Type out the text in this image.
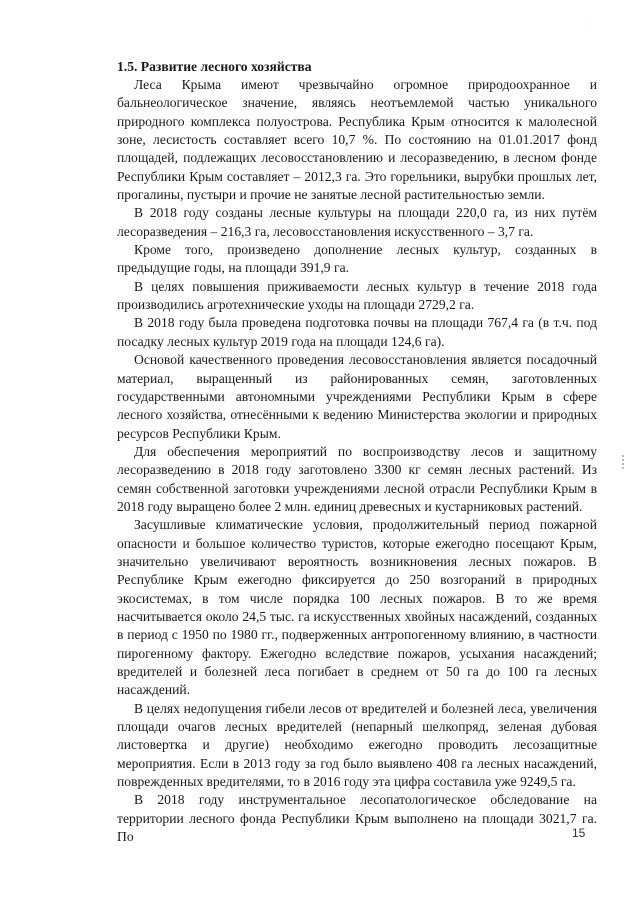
·
1.5. Развитие лесного хозяйства

Леса Крыма имеют чрезвычайно огромное природоохранное и бальнеологическое значение, являясь неотъемлемой частью уникального природного комплекса полуострова. Республика Крым относится к малолесной зоне, лесистость составляет всего 10,7 %. По состоянию на 01.01.2017 фонд площадей, подлежащих лесовосстановлению и лесоразведению, в лесном фонде Республики Крым составляет – 2012,3 га. Это горельники, вырубки прошлых лет, прогалины, пустыри и прочие не занятые лесной растительностью земли.

В 2018 году созданы лесные культуры на площади 220,0 га, из них путём лесоразведения – 216,3 га, лесовосстановления искусственного – 3,7 га.

Кроме того, произведено дополнение лесных культур, созданных в предыдущие годы, на площади 391,9 га.

В целях повышения приживаемости лесных культур в течение 2018 года производились агротехнические уходы на площади 2729,2 га.

В 2018 году была проведена подготовка почвы на площади 767,4 га (в т.ч. под посадку лесных культур 2019 года на площади 124,6 га).

Основой качественного проведения лесовосстановления является посадочный материал, выращенный из районированных семян, заготовленных государственными автономными учреждениями Республики Крым в сфере лесного хозяйства, отнесёнными к ведению Министерства экологии и природных ресурсов Республики Крым.

Для обеспечения мероприятий по воспроизводству лесов и защитному лесоразведению в 2018 году заготовлено 3300 кг семян лесных растений. Из семян собственной заготовки учреждениями лесной отрасли Республики Крым в 2018 году выращено более 2 млн. единиц древесных и кустарниковых растений.

Засушливые климатические условия, продолжительный период пожарной опасности и большое количество туристов, которые ежегодно посещают Крым, значительно увеличивают вероятность возникновения лесных пожаров. В Республике Крым ежегодно фиксируется до 250 возгораний в природных экосистемах, в том числе порядка 100 лесных пожаров. В то же время насчитывается около 24,5 тыс. га искусственных хвойных насаждений, созданных в период с 1950 по 1980 гг., подверженных антропогенному влиянию, в частности пирогенному фактору. Ежегодно вследствие пожаров, усыхания насаждений; вредителей и болезней леса погибает в среднем от 50 га до 100 га лесных насаждений.

В целях недопущения гибели лесов от вредителей и болезней леса, увеличения площади очагов лесных вредителей (непарный шелкопряд, зеленая дубовая листовертка и другие) необходимо ежегодно проводить лесозащитные мероприятия. Если в 2013 году за год было выявлено 408 га лесных насаждений, поврежденных вредителями, то в 2016 году эта цифра составила уже 9249,5 га.

В 2018 году инструментальное лесопатологическое обследование на территории лесного фонда Республики Крым выполнено на площади 3021,7 га. По	15
